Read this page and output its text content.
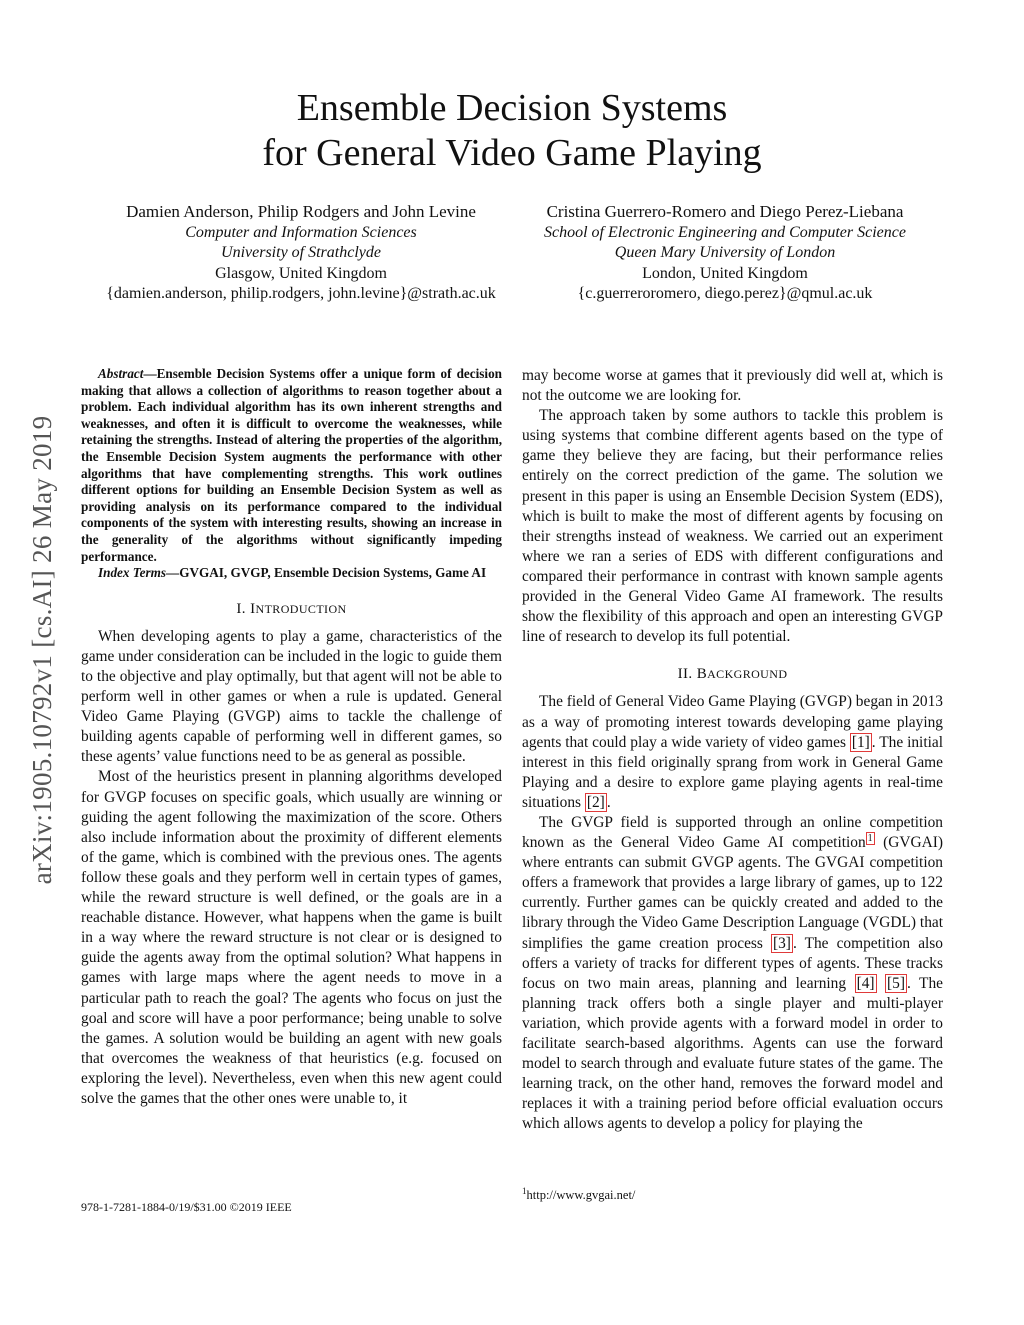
Ensemble Decision Systems
for General Video Game Playing
Damien Anderson, Philip Rodgers and John Levine
Computer and Information Sciences
University of Strathclyde
Glasgow, United Kingdom
{damien.anderson, philip.rodgers, john.levine}@strath.ac.uk
Cristina Guerrero-Romero and Diego Perez-Liebana
School of Electronic Engineering and Computer Science
Queen Mary University of London
London, United Kingdom
{c.guerreroromero, diego.perez}@qmul.ac.uk
arXiv:1905.10792v1 [cs.AI] 26 May 2019

Abstract—Ensemble Decision Systems offer a unique form of decision making that allows a collection of algorithms to reason together about a problem. Each individual algorithm has its own inherent strengths and weaknesses, and often it is difficult to overcome the weaknesses, while retaining the strengths. Instead of altering the properties of the algorithm, the Ensemble Decision System augments the performance with other algorithms that have complementing strengths. This work outlines different options for building an Ensemble Decision System as well as providing analysis on its performance compared to the individual components of the system with interesting results, showing an increase in the generality of the algorithms without significantly impeding performance.

Index Terms—GVGAI, GVGP, Ensemble Decision Systems, Game AI

I. INTRODUCTION

When developing agents to play a game, characteristics of the game under consideration can be included in the logic to guide them to the objective and play optimally, but that agent will not be able to perform well in other games or when a rule is updated. General Video Game Playing (GVGP) aims to tackle the challenge of building agents capable of performing well in different games, so these agents’ value functions need to be as general as possible.

Most of the heuristics present in planning algorithms developed for GVGP focuses on specific goals, which usually are winning or guiding the agent following the maximization of the score. Others also include information about the proximity of different elements of the game, which is combined with the previous ones. The agents follow these goals and they perform well in certain types of games, while the reward structure is well defined, or the goals are in a reachable distance. However, what happens when the game is built in a way where the reward structure is not clear or is designed to guide the agents away from the optimal solution? What happens in games with large maps where the agent needs to move in a particular path to reach the goal? The agents who focus on just the goal and score will have a poor performance; being unable to solve the games. A solution would be building an agent with new goals that overcomes the weakness of that heuristics (e.g. focused on exploring the level). Nevertheless, even when this new agent could solve the games that the other ones were unable to, it

may become worse at games that it previously did well at, which is not the outcome we are looking for.

The approach taken by some authors to tackle this problem is using systems that combine different agents based on the type of game they believe they are facing, but their performance relies entirely on the correct prediction of the game. The solution we present in this paper is using an Ensemble Decision System (EDS), which is built to make the most of different agents by focusing on their strengths instead of weakness. We carried out an experiment where we ran a series of EDS with different configurations and compared their performance in contrast with known sample agents provided in the General Video Game AI framework. The results show the flexibility of this approach and open an interesting GVGP line of research to develop its full potential.

II. BACKGROUND

The field of General Video Game Playing (GVGP) began in 2013 as a way of promoting interest towards developing game playing agents that could play a wide variety of video games [1] . The initial interest in this field originally sprang from work in General Game Playing and a desire to explore game playing agents in real-time situations [2] .

The GVGP field is supported through an online competition known as the General Video Game AI competition $^1$ (GVGAI) where entrants can submit GVGP agents. The GVGAI competition offers a framework that provides a large library of games, up to 122 currently. Further games can be quickly created and added to the library through the Video Game Description Language (VGDL) that simplifies the game creation process [3] . The competition also offers a variety of tracks for different types of agents. These tracks focus on two main areas, planning and learning [4] [5] . The planning track offers both a single player and multi-player variation, which provide agents with a forward model in order to facilitate search-based algorithms. Agents can use the forward model to search through and evaluate future states of the game. The learning track, on the other hand, removes the forward model and replaces it with a training period before official evaluation occurs which allows agents to develop a policy for playing the

$^1$http://www.gvgai.net/
978-1-7281-1884-0/19/$31.00 ©2019 IEEE
